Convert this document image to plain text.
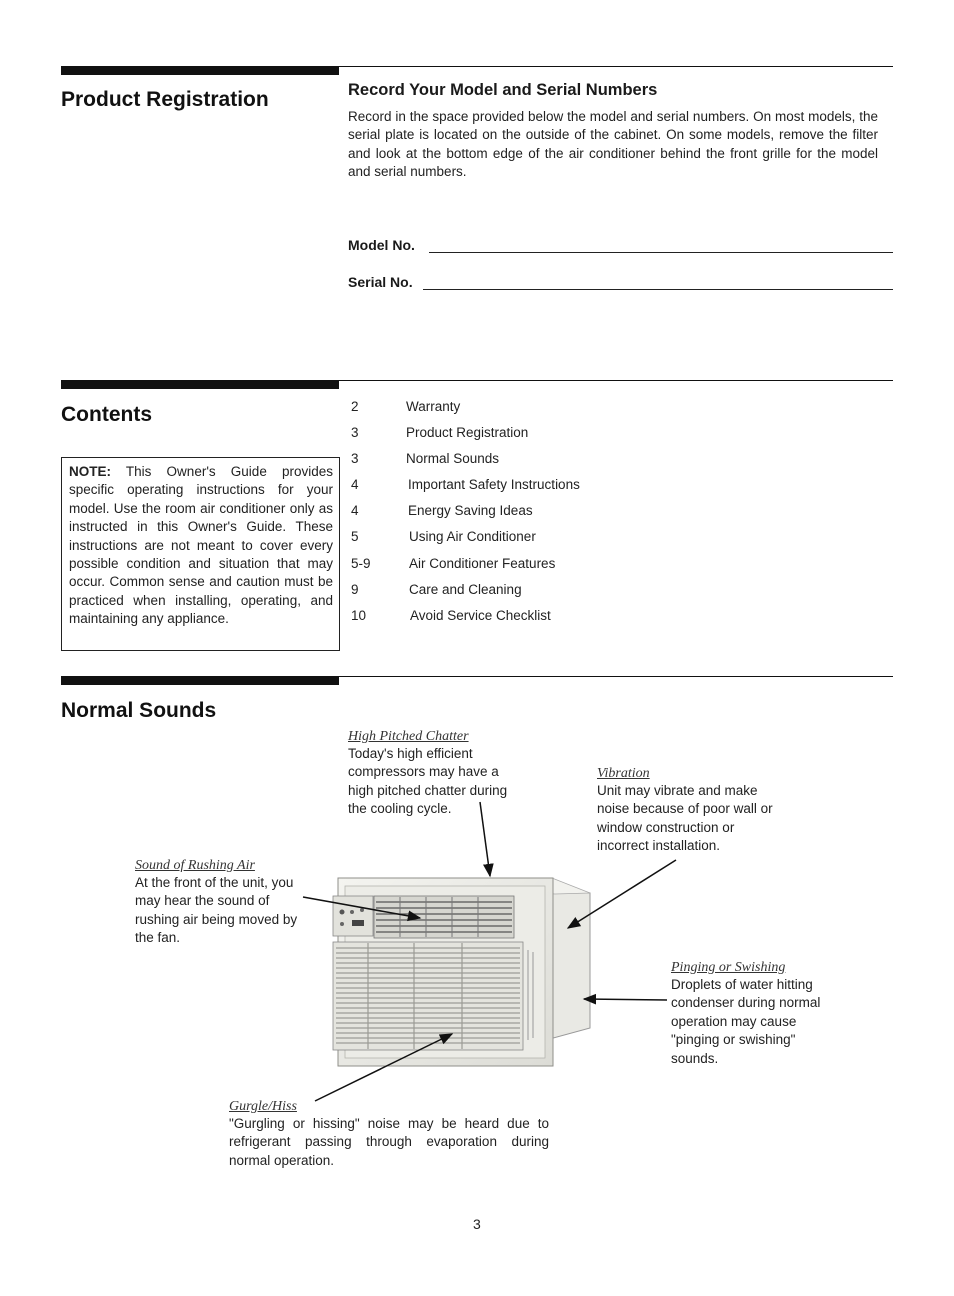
Product Registration	Record Your Model and Serial Numbers
Record in the space provided below the model and serial numbers. On most models, the serial plate is located on the outside of the cabinet. On some models, remove the filter and look at the bottom edge of the air conditioner behind the front grille for the model and serial numbers.
Model No.
Serial No.
Contents
NOTE: This Owner's Guide provides specific operating instructions for your model. Use the room air conditioner only as instructed in this Owner's Guide. These instructions are not meant to cover every possible condition and situation that may occur. Common sense and caution must be practiced when installing, operating, and maintaining any appliance.
2	Warranty
3	Product Registration
3	Normal Sounds
4	Important Safety Instructions
4	Energy Saving Ideas
5	Using Air Conditioner
5-9	Air Conditioner Features
9	Care and Cleaning
10	Avoid Service Checklist
Normal Sounds
High Pitched Chatter
Today's high efficient compressors may have a high pitched chatter during the cooling cycle.
Vibration
Unit may vibrate and make noise because of poor wall or window construction or incorrect installation.
Sound of Rushing Air
At the front of the unit, you may hear the sound of rushing air being moved by the fan.
Pinging or Swishing
Droplets of water hitting condenser during normal operation may cause "pinging or swishing" sounds.
Gurgle/Hiss
"Gurgling or hissing" noise may be heard due to refrigerant passing through evaporation during normal operation.
3
